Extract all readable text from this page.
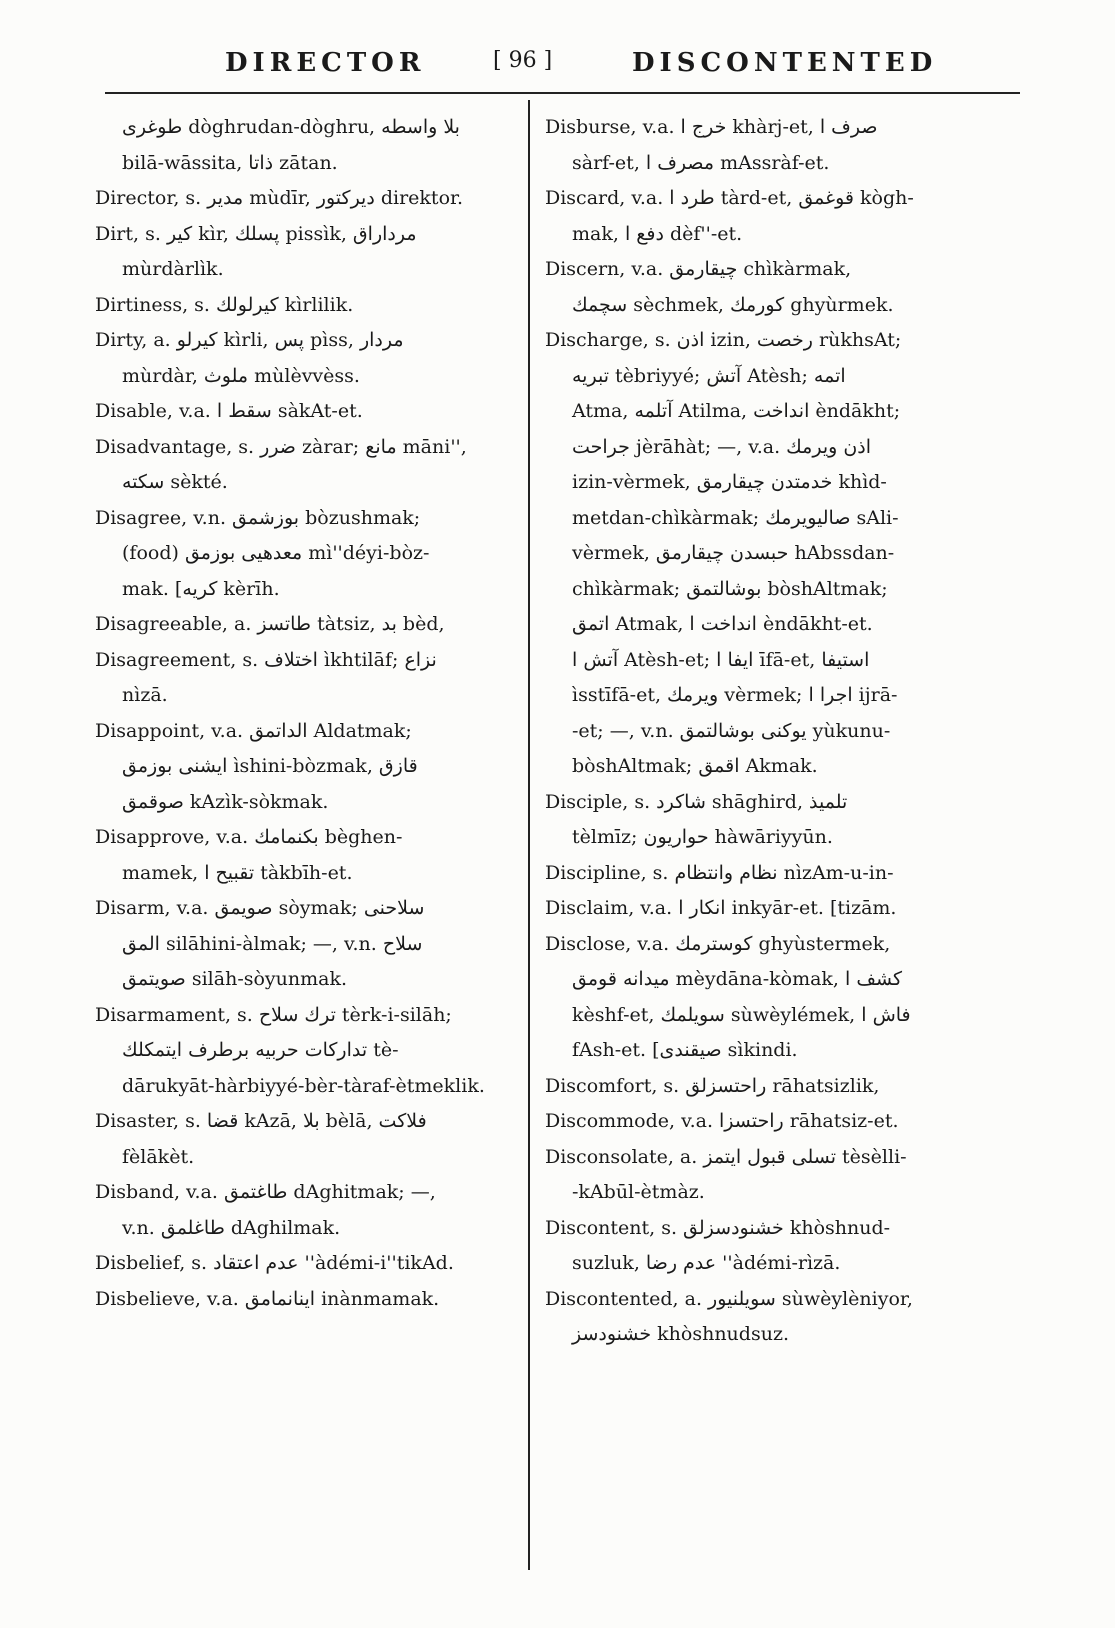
DIRECTOR	[ 96 ]	DISCONTENTED
طوغرى dòghrudan-dòghru, بلا واسطه
bilā-wāssita, ذاتا zātan.
Director, s. مدير mùdīr, ديركتور direktor.
Dirt, s. كير kìr, پسلك pissìk, مرداراق
mùrdàrlìk.
Dirtiness, s. كيرلولك kìrlilik.
Dirty, a. كيرلو kìrli, پس pìss, مردار
mùrdàr, ملوث mùlèvvèss.
Disable, v.a. سقط ا sàkAt-et.
Disadvantage, s. ضرر zàrar; مانع māni'',
سكته sèkté.
Disagree, v.n. بوزشمق bòzushmak;
(food) معدهيى بوزمق mì''déyi-bòz-
mak. [كريه kèrīh.
Disagreeable, a. طاتسز tàtsiz, بد bèd,
Disagreement, s. اختلاف ìkhtilāf; نزاع
nìzā.
Disappoint, v.a. الداتمق Aldatmak;
ايشنى بوزمق ìshini-bòzmak, قازق
صوقمق kAzìk-sòkmak.
Disapprove, v.a. بكنمامك bèghen-
mamek, تقبيح ا tàkbīh-et.
Disarm, v.a. صويمق sòymak; سلاحنى
المق silāhini-àlmak; —, v.n. سلاح
صويتمق silāh-sòyunmak.
Disarmament, s. ترك سلاح tèrk-i-silāh;
تداركات حربيه برطرف ايتمكلك tè-
dārukyāt-hàrbiyyé-bèr-tàraf-ètmeklik.
Disaster, s. قضا kAzā, بلا bèlā, فلاكت
fèlākèt.
Disband, v.a. طاغتمق dAghitmak; —,
v.n. طاغلمق dAghilmak.
Disbelief, s. عدم اعتقاد ''àdémi-i''tikAd.
Disbelieve, v.a. اينانمامق inànmamak.
Disburse, v.a. خرج ا khàrj-et, صرف ا
sàrf-et, مصرف ا mAssràf-et.
Discard, v.a. طرد ا tàrd-et, قوغمق kògh-
mak, دفع ا dèf''-et.
Discern, v.a. چيقارمق chìkàrmak,
سچمك sèchmek, كورمك ghyùrmek.
Discharge, s. اذن izin, رخصت rùkhsAt;
تبريه tèbriyyé; آتش Atèsh; اتمه
Atma, آتلمه Atilma, انداخت èndākht;
جراحت jèrāhàt; —, v.a. اذن ويرمك
izin-vèrmek, خدمتدن چيقارمق khìd-
metdan-chìkàrmak; صاليويرمك sAli-
vèrmek, حبسدن چيقارمق hAbssdan-
chìkàrmak; بوشالتمق bòshAltmak;
اتمق Atmak, انداخت ا èndākht-et.
آتش ا Atèsh-et; ايفا ا īfā-et, استيفا
ìsstīfā-et, ويرمك vèrmek; اجرا ا ijrā-
-et; —, v.n. يوكنى بوشالتمق yùkunu-
bòshAltmak; اقمق Akmak.
Disciple, s. شاكرد shāghird, تلميذ
tèlmīz; حواريون hàwāriyyūn.
Discipline, s. نظام وانتظام nìzAm-u-in-
Disclaim, v.a. انكار ا inkyār-et. [tizām.
Disclose, v.a. كوسترمك ghyùstermek,
ميدانه قومق mèydāna-kòmak, كشف ا
kèshf-et, سويلمك sùwèylémek, فاش ا
fAsh-et. [صيقندى sìkindi.
Discomfort, s. راحتسزلق rāhatsizlik,
Discommode, v.a. راحتسزا rāhatsiz-et.
Disconsolate, a. تسلى قبول ايتمز tèsèlli-
-kAbūl-ètmàz.
Discontent, s. خشنودسزلق khòshnud-
suzluk, عدم رضا ''àdémi-rìzā.
Discontented, a. سويلنيور sùwèylèniyor,
خشنودسز khòshnudsuz.
